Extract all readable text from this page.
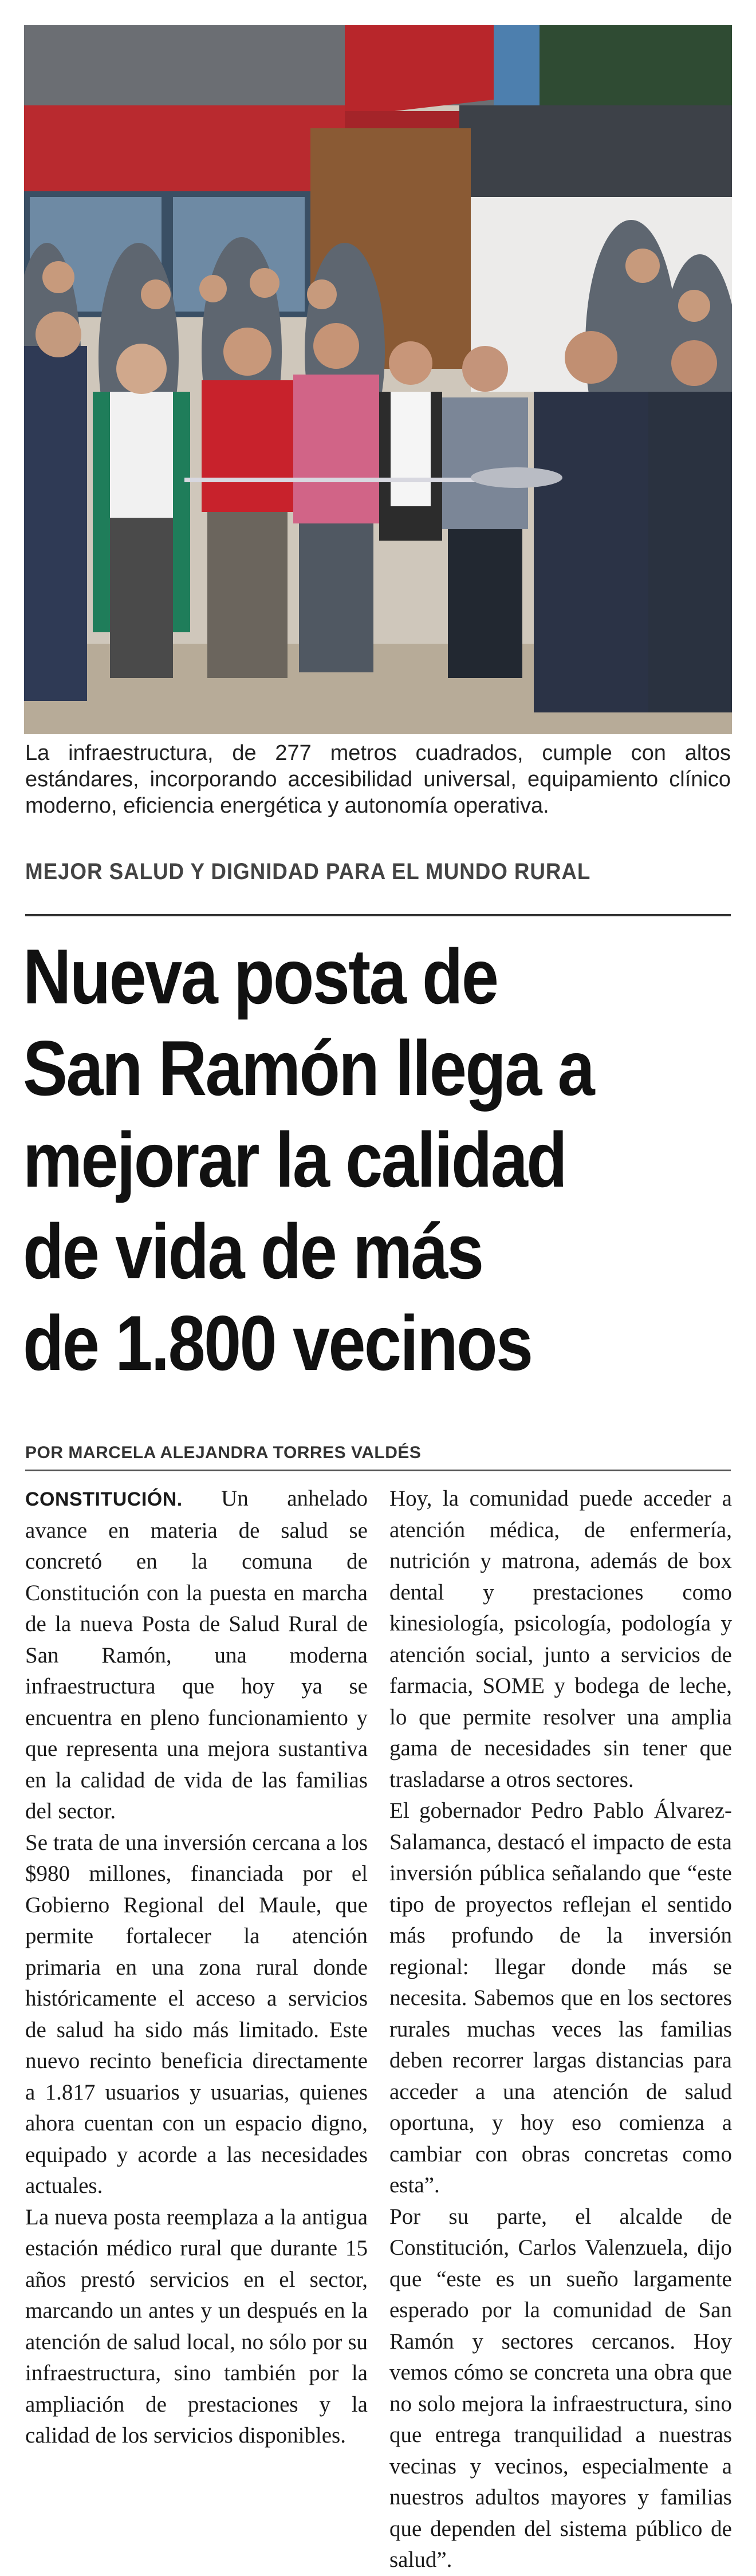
La infraestructura, de 277 metros cuadrados, cumple con altos estándares, incorporando accesibilidad universal, equipamiento clínico moderno, eficiencia energética y autonomía operativa.

MEJOR SALUD Y DIGNIDAD PARA EL MUNDO RURAL

Nueva posta de
San Ramón llega a
mejorar la calidad
de vida de más
de 1.800 vecinos

POR MARCELA ALEJANDRA TORRES VALDÉS

CONSTITUCIÓN. Un anhelado avance en materia de salud se concretó en la comuna de Constitución con la puesta en marcha de la nueva Posta de Salud Rural de San Ramón, una moderna infraestructura que hoy ya se encuentra en pleno funcionamiento y que representa una mejora sustantiva en la calidad de vida de las familias del sector.

Se trata de una inversión cercana a los $980 millones, financiada por el Gobierno Regional del Maule, que permite fortalecer la atención primaria en una zona rural donde históricamente el acceso a servicios de salud ha sido más limitado. Este nuevo recinto beneficia directamente a 1.817 usuarios y usuarias, quienes ahora cuentan con un espacio digno, equipado y acorde a las necesidades actuales.

La nueva posta reemplaza a la antigua estación médico rural que durante 15 años prestó servicios en el sector, marcando un antes y un después en la atención de salud local, no sólo por su infraestructura, sino también por la ampliación de prestaciones y la calidad de los servicios disponibles.

Hoy, la comunidad puede acceder a atención médica, de enfermería, nutrición y matrona, además de box dental y prestaciones como kinesiología, psicología, podología y atención social, junto a servicios de farmacia, SOME y bodega de leche, lo que permite resolver una amplia gama de necesidades sin tener que trasladarse a otros sectores.

El gobernador Pedro Pablo Álvarez-Salamanca, destacó el impacto de esta inversión pública señalando que “este tipo de proyectos reflejan el sentido más profundo de la inversión regional: llegar donde más se necesita. Sabemos que en los sectores rurales muchas veces las familias deben recorrer largas distancias para acceder a una atención de salud oportuna, y hoy eso comienza a cambiar con obras concretas como esta”.

Por su parte, el alcalde de Constitución, Carlos Valenzuela, dijo que “este es un sueño largamente esperado por la comunidad de San Ramón y sectores cercanos. Hoy vemos cómo se concreta una obra que no solo mejora la infraestructura, sino que entrega tranquilidad a nuestras vecinas y vecinos, especialmente a nuestros adultos mayores y familias que dependen del sistema público de salud”.
